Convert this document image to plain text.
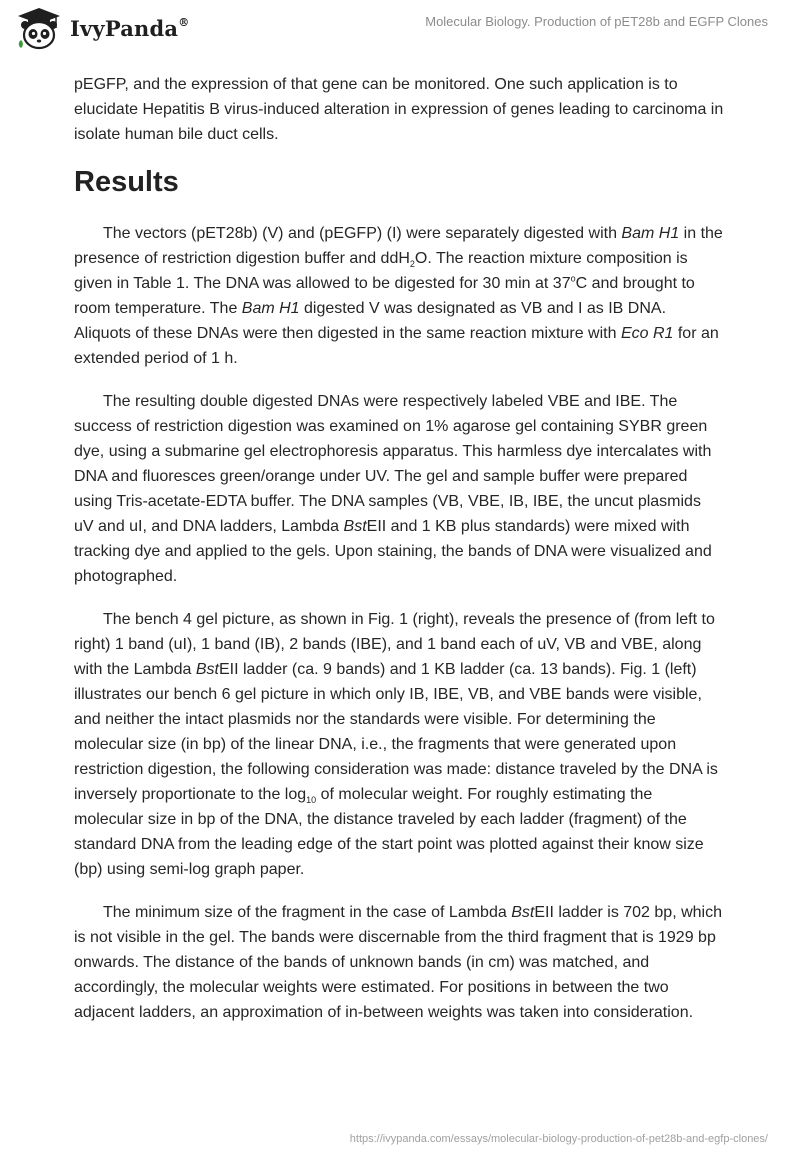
IvyPanda®	Molecular Biology. Production of pET28b and EGFP Clones

pEGFP, and the expression of that gene can be monitored. One such application is to elucidate Hepatitis B virus-induced alteration in expression of genes leading to carcinoma in isolate human bile duct cells.

Results

The vectors (pET28b) (V) and (pEGFP) (I) were separately digested with Bam H1 in the presence of restriction digestion buffer and ddH$_2$O. The reaction mixture composition is given in Table 1. The DNA was allowed to be digested for 30 min at 37$^o$C and brought to room temperature. The Bam H1 digested V was designated as VB and I as IB DNA. Aliquots of these DNAs were then digested in the same reaction mixture with Eco R1 for an extended period of 1 h.

The resulting double digested DNAs were respectively labeled VBE and IBE. The success of restriction digestion was examined on 1% agarose gel containing SYBR green dye, using a submarine gel electrophoresis apparatus. This harmless dye intercalates with DNA and fluoresces green/orange under UV. The gel and sample buffer were prepared using Tris-acetate-EDTA buffer. The DNA samples (VB, VBE, IB, IBE, the uncut plasmids uV and uI, and DNA ladders, Lambda BstEII and 1 KB plus standards) were mixed with tracking dye and applied to the gels. Upon staining, the bands of DNA were visualized and photographed.

The bench 4 gel picture, as shown in Fig. 1 (right), reveals the presence of (from left to right) 1 band (uI), 1 band (IB), 2 bands (IBE), and 1 band each of uV, VB and VBE, along with the Lambda BstEII ladder (ca. 9 bands) and 1 KB ladder (ca. 13 bands). Fig. 1 (left) illustrates our bench 6 gel picture in which only IB, IBE, VB, and VBE bands were visible, and neither the intact plasmids nor the standards were visible. For determining the molecular size (in bp) of the linear DNA, i.e., the fragments that were generated upon restriction digestion, the following consideration was made: distance traveled by the DNA is inversely proportionate to the $\log_{10}$ of molecular weight. For roughly estimating the molecular size in bp of the DNA, the distance traveled by each ladder (fragment) of the standard DNA from the leading edge of the start point was plotted against their know size (bp) using semi-log graph paper.

The minimum size of the fragment in the case of Lambda BstEII ladder is 702 bp, which is not visible in the gel. The bands were discernable from the third fragment that is 1929 bp onwards. The distance of the bands of unknown bands (in cm) was matched, and accordingly, the molecular weights were estimated. For positions in between the two adjacent ladders, an approximation of in-between weights was taken into consideration.

https://ivypanda.com/essays/molecular-biology-production-of-pet28b-and-egfp-clones/
